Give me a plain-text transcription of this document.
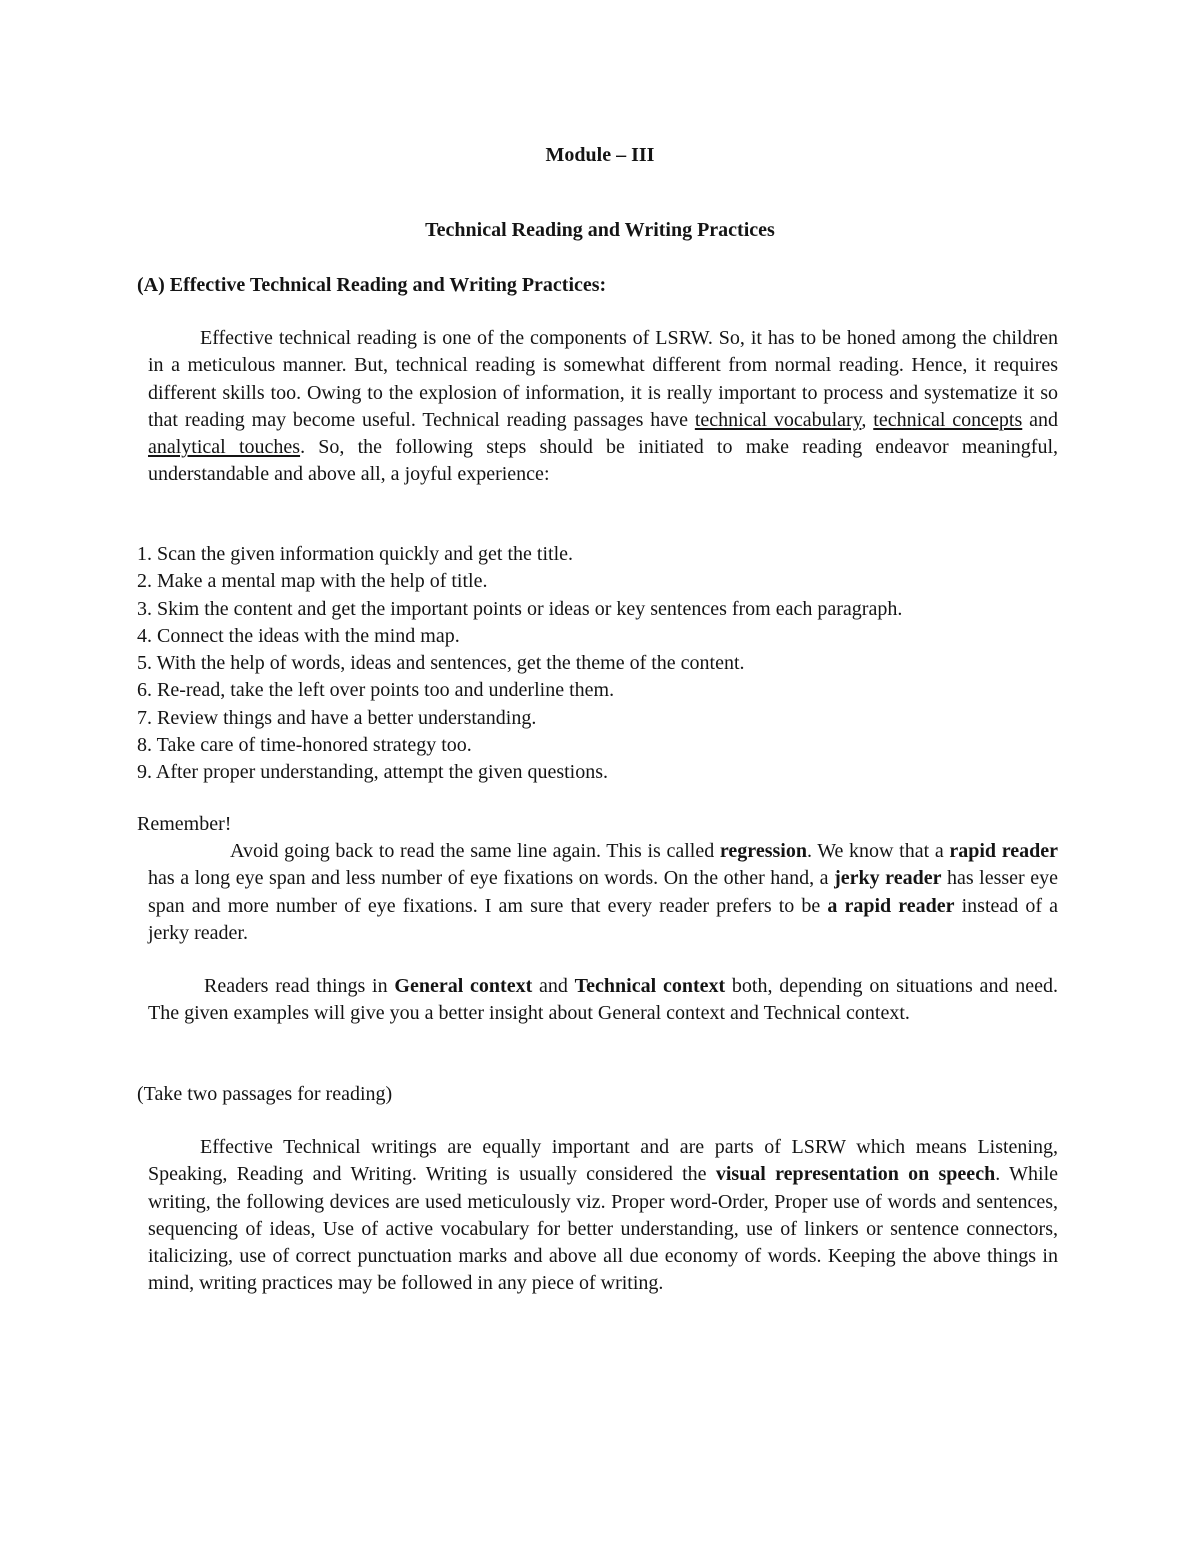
Module – III
Technical Reading and Writing Practices
(A) Effective Technical Reading and Writing Practices:

Effective technical reading is one of the components of LSRW. So, it has to be honed among the children in a meticulous manner. But, technical reading is somewhat different from normal reading. Hence, it requires different skills too. Owing to the explosion of information, it is really important to process and systematize it so that reading may become useful. Technical reading passages have technical vocabulary, technical concepts and analytical touches. So, the following steps should be initiated to make reading endeavor meaningful, understandable and above all, a joyful experience:

1. Scan the given information quickly and get the title.
2. Make a mental map with the help of title.
3. Skim the content and get the important points or ideas or key sentences from each paragraph.
4. Connect the ideas with the mind map.
5. With the help of words, ideas and sentences, get the theme of the content.
6. Re-read, take the left over points too and underline them.
7. Review things and have a better understanding.
8. Take care of time-honored strategy too.
9. After proper understanding, attempt the given questions.

Remember!

Avoid going back to read the same line again. This is called regression. We know that a rapid reader has a long eye span and less number of eye fixations on words. On the other hand, a jerky reader has lesser eye span and more number of eye fixations. I am sure that every reader prefers to be a rapid reader instead of a jerky reader.

Readers read things in General context and Technical context both, depending on situations and need. The given examples will give you a better insight about General context and Technical context.

(Take two passages for reading)

Effective Technical writings are equally important and are parts of LSRW which means Listening, Speaking, Reading and Writing. Writing is usually considered the visual representation on speech. While writing, the following devices are used meticulously viz. Proper word-Order, Proper use of words and sentences, sequencing of ideas, Use of active vocabulary for better understanding, use of linkers or sentence connectors, italicizing, use of correct punctuation marks and above all due economy of words. Keeping the above things in mind, writing practices may be followed in any piece of writing.
